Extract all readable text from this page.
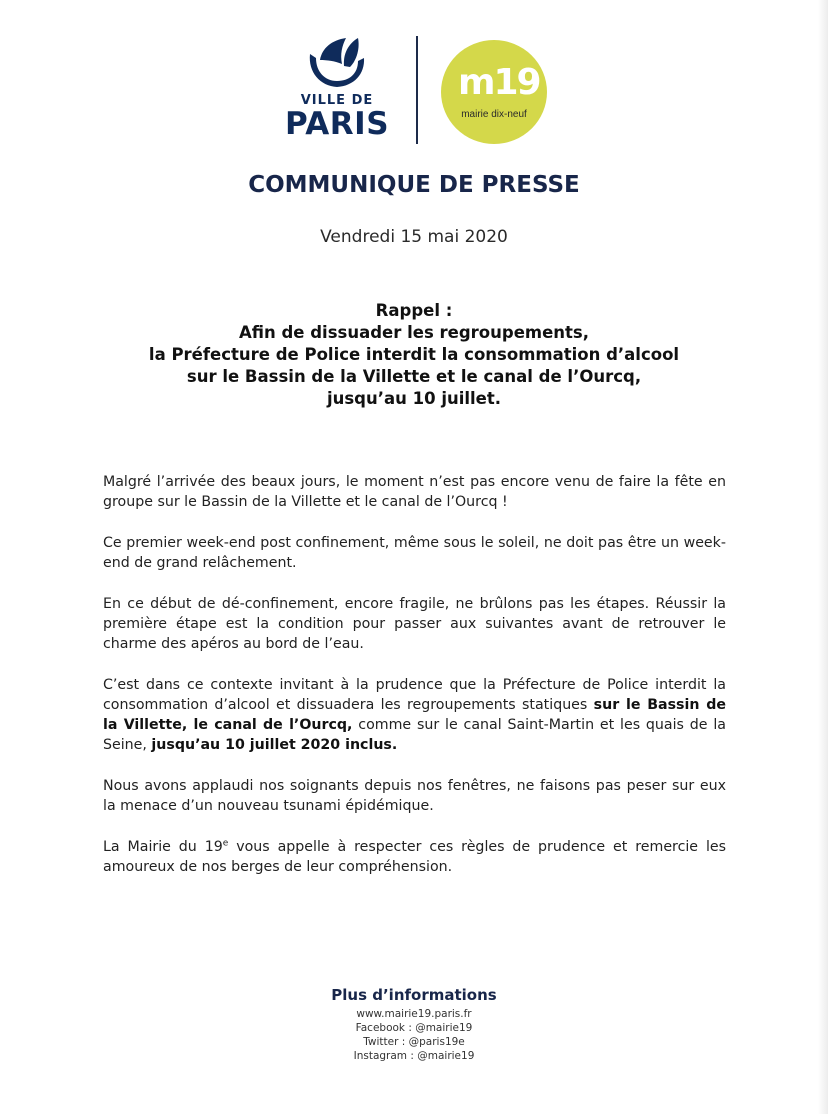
VILLE DE
PARIS
m19
mairie dix-neuf
COMMUNIQUE DE PRESSE
Vendredi 15 mai 2020
Rappel :
Afin de dissuader les regroupements,
la Préfecture de Police interdit la consommation d’alcool
sur le Bassin de la Villette et le canal de l’Ourcq,
jusqu’au 10 juillet.

Malgré l’arrivée des beaux jours, le moment n’est pas encore venu de faire la fête en groupe sur le Bassin de la Villette et le canal de l’Ourcq !

Ce premier week-end post confinement, même sous le soleil, ne doit pas être un week-end de grand relâchement.

En ce début de dé-confinement, encore fragile, ne brûlons pas les étapes. Réussir la première étape est la condition pour passer aux suivantes avant de retrouver le charme des apéros au bord de l’eau.

C’est dans ce contexte invitant à la prudence que la Préfecture de Police interdit la consommation d’alcool et dissuadera les regroupements statiques sur le Bassin de la Villette, le canal de l’Ourcq, comme sur le canal Saint-Martin et les quais de la Seine, jusqu’au 10 juillet 2020 inclus.

Nous avons applaudi nos soignants depuis nos fenêtres, ne faisons pas peser sur eux la menace d’un nouveau tsunami épidémique.

La Mairie du 19e vous appelle à respecter ces règles de prudence et remercie les amoureux de nos berges de leur compréhension.

Plus d’informations
www.mairie19.paris.fr
Facebook : @mairie19
Twitter : @paris19e
Instagram : @mairie19
